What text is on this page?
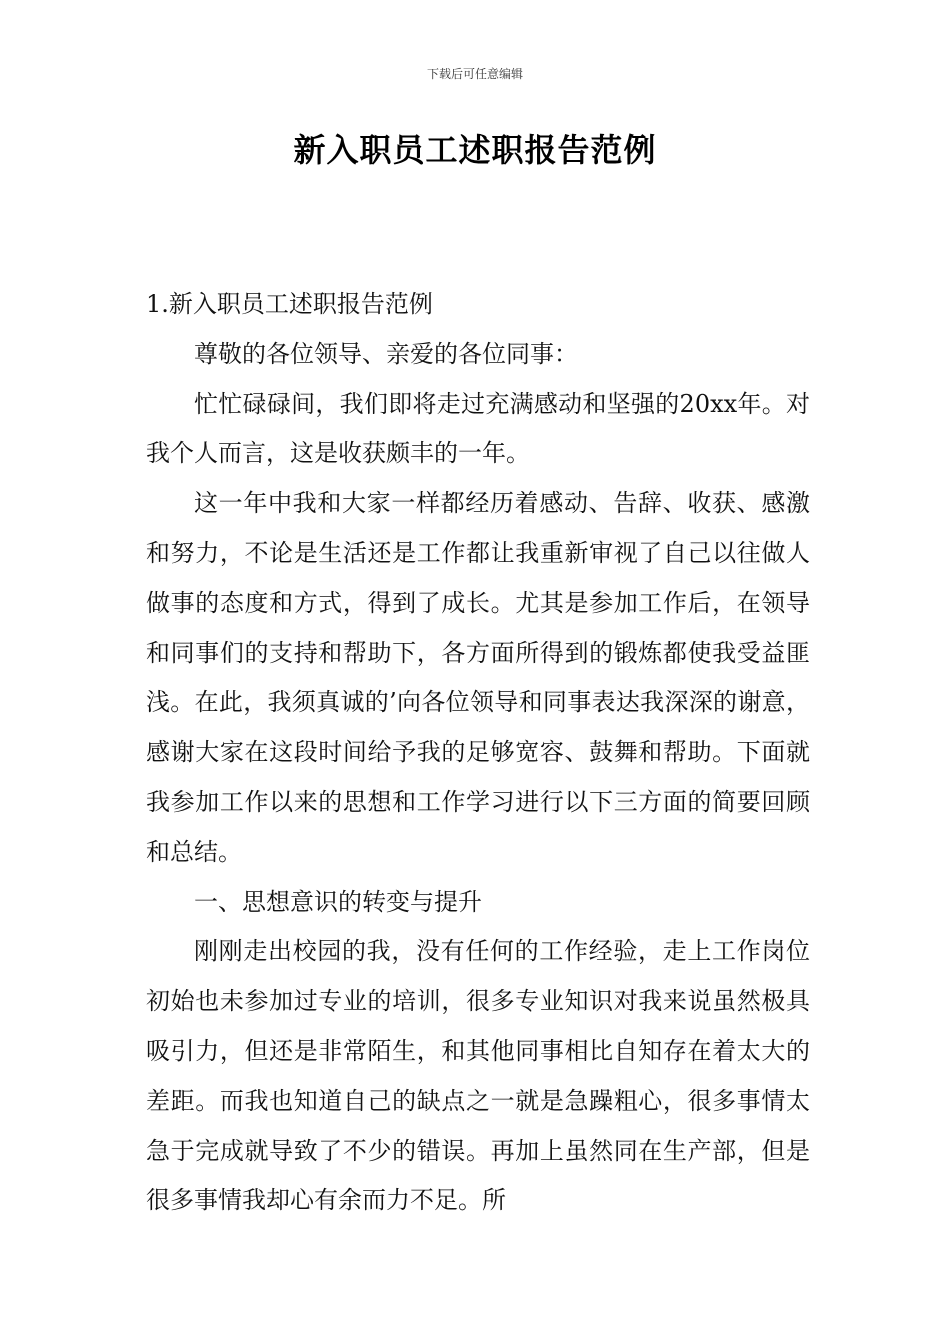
下载后可任意编辑
新入职员工述职报告范例

1.新入职员工述职报告范例

尊敬的各位领导、亲爱的各位同事：

忙忙碌碌间，我们即将走过充满感动和坚强的20xx年。对我个人而言，这是收获颇丰的一年。

这一年中我和大家一样都经历着感动、告辞、收获、感激和努力，不论是生活还是工作都让我重新审视了自己以往做人做事的态度和方式，得到了成长。尤其是参加工作后，在领导和同事们的支持和帮助下，各方面所得到的锻炼都使我受益匪浅。在此，我须真诚的’向各位领导和同事表达我深深的谢意，感谢大家在这段时间给予我的足够宽容、鼓舞和帮助。下面就我参加工作以来的思想和工作学习进行以下三方面的简要回顾和总结。

一、思想意识的转变与提升

刚刚走出校园的我，没有任何的工作经验，走上工作岗位初始也未参加过专业的培训，很多专业知识对我来说虽然极具吸引力，但还是非常陌生，和其他同事相比自知存在着太大的差距。而我也知道自己的缺点之一就是急躁粗心，很多事情太急于完成就导致了不少的错误。再加上虽然同在生产部，但是很多事情我却心有余而力不足。所
